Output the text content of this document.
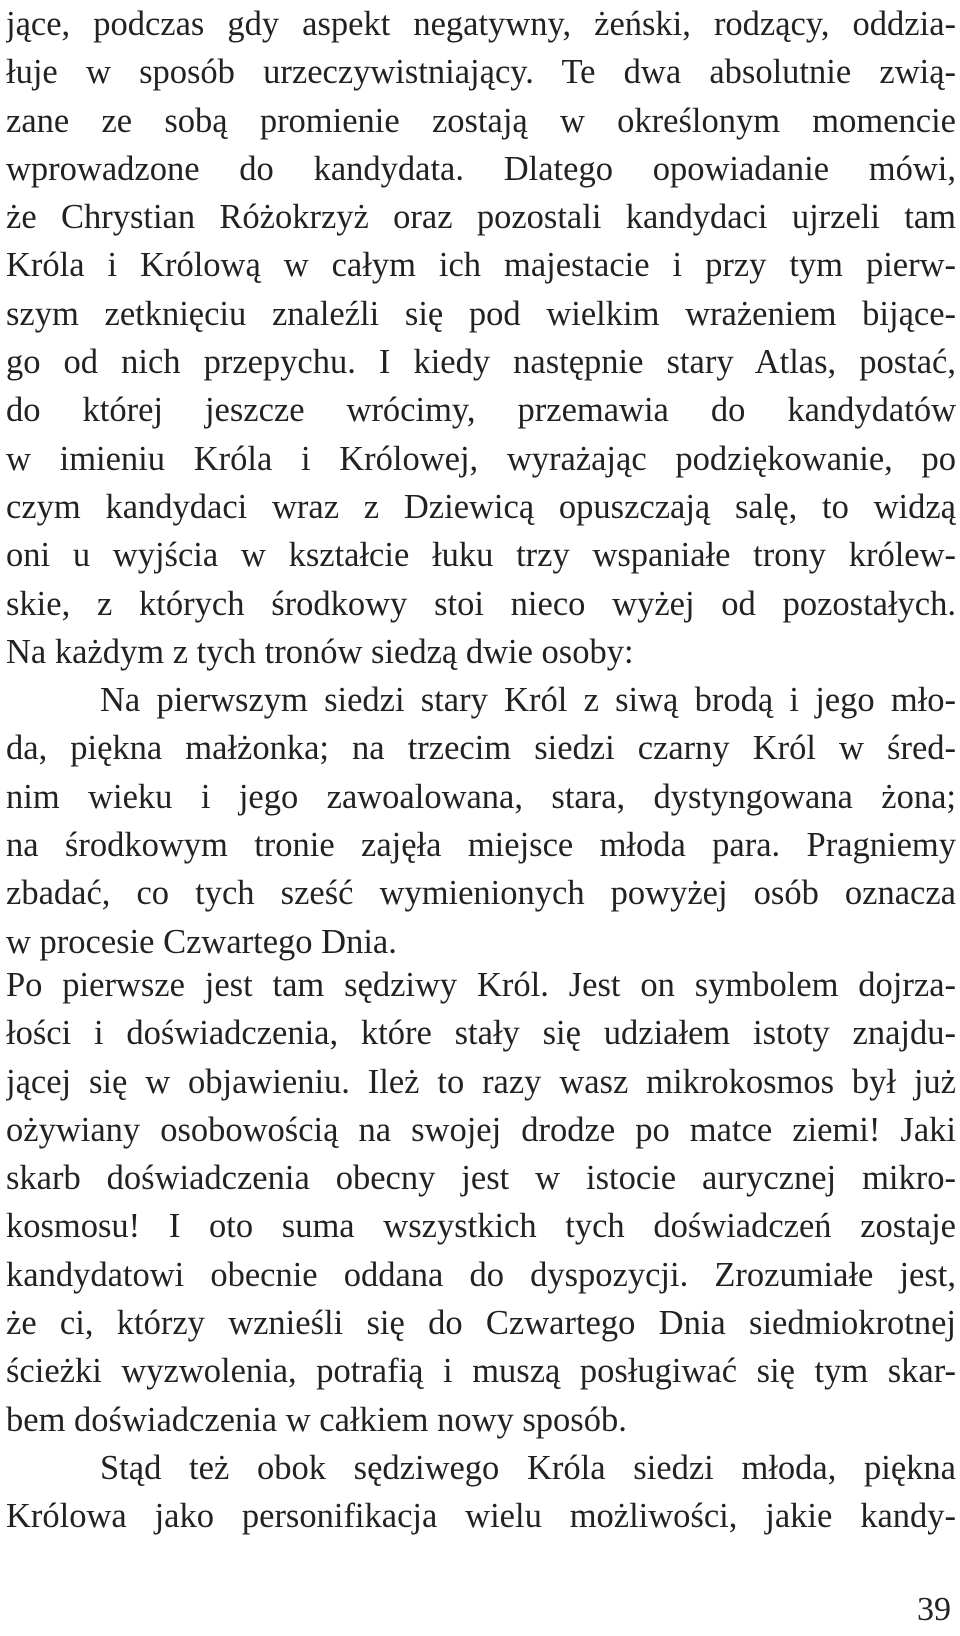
jące, podczas gdy aspekt negatywny, żeński, rodzący, oddzia-
łuje w sposób urzeczywistniający. Te dwa absolutnie zwią-
zane ze sobą promienie zostają w określonym momencie
wprowadzone do kandydata. Dlatego opowiadanie mówi,
że Chrystian Różokrzyż oraz pozostali kandydaci ujrzeli tam
Króla i Królową w całym ich majestacie i przy tym pierw-
szym zetknięciu znaleźli się pod wielkim wrażeniem bijące-
go od nich przepychu. I kiedy następnie stary Atlas, postać,
do której jeszcze wrócimy, przemawia do kandydatów
w imieniu Króla i Królowej, wyrażając podziękowanie, po
czym kandydaci wraz z Dziewicą opuszczają salę, to widzą
oni u wyjścia w kształcie łuku trzy wspaniałe trony królew-
skie, z których środkowy stoi nieco wyżej od pozostałych.
Na każdym z tych tronów siedzą dwie osoby:
Na pierwszym siedzi stary Król z siwą brodą i jego mło-
da, piękna małżonka; na trzecim siedzi czarny Król w śred-
nim wieku i jego zawoalowana, stara, dystyngowana żona;
na środkowym tronie zajęła miejsce młoda para. Pragniemy
zbadać, co tych sześć wymienionych powyżej osób oznacza
w procesie Czwartego Dnia.
Po pierwsze jest tam sędziwy Król. Jest on symbolem dojrza-
łości i doświadczenia, które stały się udziałem istoty znajdu-
jącej się w objawieniu. Ileż to razy wasz mikrokosmos był już
ożywiany osobowością na swojej drodze po matce ziemi! Jaki
skarb doświadczenia obecny jest w istocie aurycznej mikro-
kosmosu! I oto suma wszystkich tych doświadczeń zostaje
kandydatowi obecnie oddana do dyspozycji. Zrozumiałe jest,
że ci, którzy wznieśli się do Czwartego Dnia siedmiokrotnej
ścieżki wyzwolenia, potrafią i muszą posługiwać się tym skar-
bem doświadczenia w całkiem nowy sposób.
Stąd też obok sędziwego Króla siedzi młoda, piękna
Królowa jako personifikacja wielu możliwości, jakie kandy-
39
